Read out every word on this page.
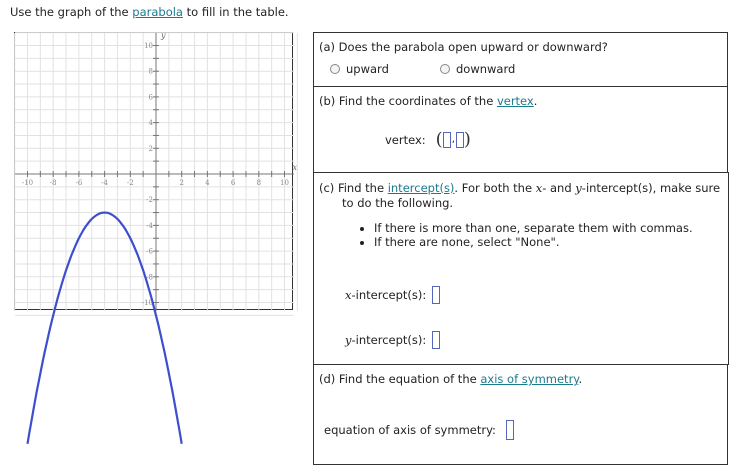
Use the graph of the parabola to fill in the table.
-10 -8	-6	-4	-2	2	4	6	8	10
10
8
6
4
2
-2
-4
-6
-8
-10
x
y
(a) Does the parabola open upward or downward?
upward	downward
(b) Find the coordinates of the vertex.
vertex: ( , )
(c) Find the intercept(s). For both the x- and y-intercept(s), make sure
to do the following.
• If there is more than one, separate them with commas.
• If there are none, select "None".
x -intercept(s):
y -intercept(s):
(d) Find the equation of the axis of symmetry.
equation of axis of symmetry:
